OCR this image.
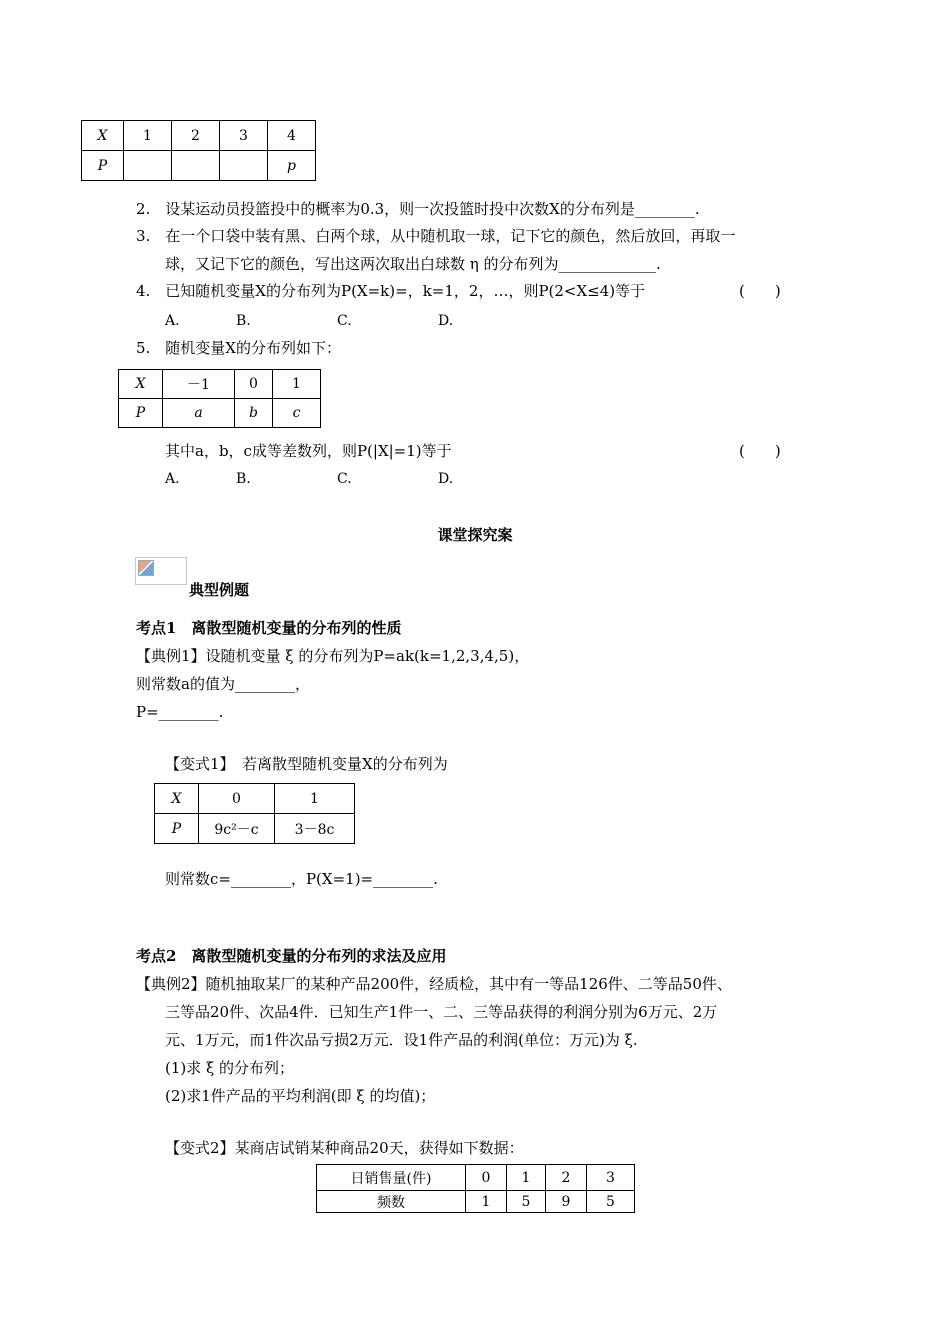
X	1	2	3	4
P				p
2.　设某运动员投篮投中的概率为0.3，则一次投篮时投中次数X的分布列是________.
3.　在一个口袋中装有黑、白两个球，从中随机取一球，记下它的颜色，然后放回，再取一
球，又记下它的颜色，写出这两次取出白球数 η 的分布列为_____________.
4.　已知随机变量X的分布列为P(X=k)=，k=1，2，…，则P(2<X≤4)等于	(　　)
A.	B.	C.	D.
5.　随机变量X的分布列如下：
X	－1	0	1
P	a	b	c
其中a，b，c成等差数列，则P(|X|=1)等于	(　　)
A.	B.	C.	D.
课堂探究案
典型例题
考点1　离散型随机变量的分布列的性质
【典例1】设随机变量 ξ 的分布列为P=ak(k=1,2,3,4,5)，
则常数a的值为________，
P=________.
【变式1】　若离散型随机变量X的分布列为
X	0	1
P	9c²－c	3－8c
则常数c=________，P(X=1)=________.
考点2　离散型随机变量的分布列的求法及应用
【典例2】随机抽取某厂的某种产品200件，经质检，其中有一等品126件、二等品50件、
三等品20件、次品4件．已知生产1件一、二、三等品获得的利润分别为6万元、2万
元、1万元，而1件次品亏损2万元．设1件产品的利润(单位：万元)为 ξ.
(1)求 ξ 的分布列；
(2)求1件产品的平均利润(即 ξ 的均值)；
【变式2】某商店试销某种商品20天，获得如下数据：
日销售量(件)	0	1	2	3
频数	1	5	9	5
